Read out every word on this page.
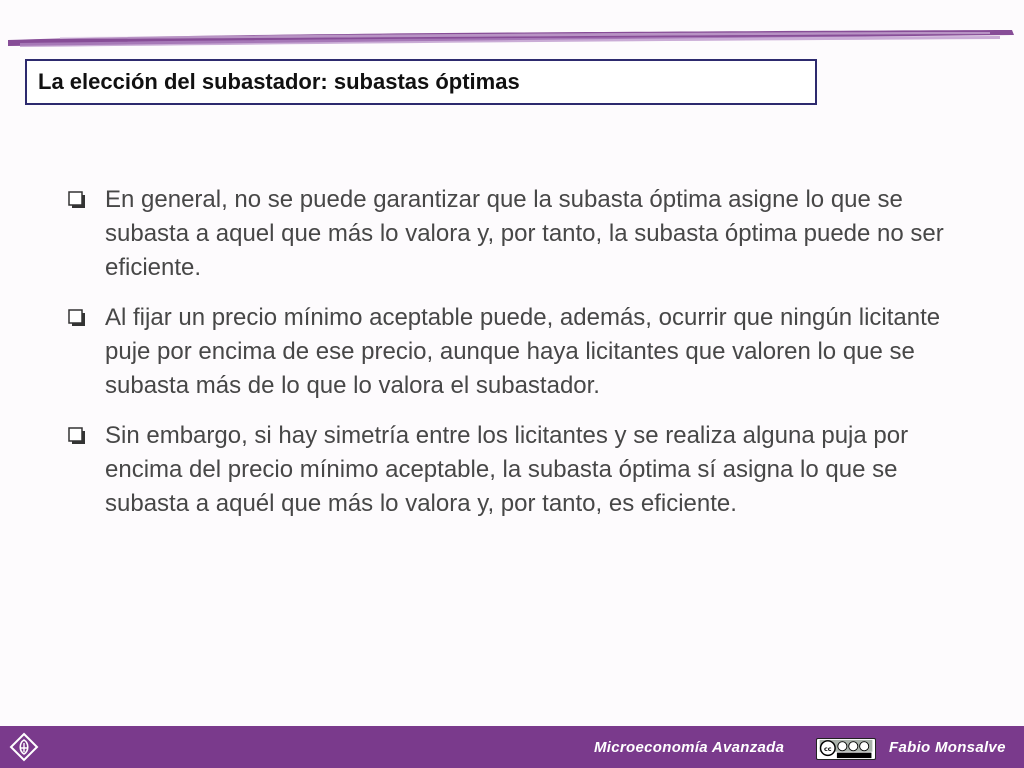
La elección del subastador: subastas óptimas
En general, no se puede garantizar que la subasta óptima asigne lo que se subasta a aquel que más lo valora y, por tanto, la subasta óptima puede no ser eficiente.
Al fijar un precio mínimo aceptable puede, además, ocurrir que ningún licitante puje por encima de ese precio, aunque haya licitantes que valoren lo que se subasta más de lo que lo valora el subastador.
Sin embargo, si hay simetría entre los licitantes y se realiza alguna puja por encima del precio mínimo aceptable, la subasta óptima sí asigna lo que se subasta a aquél que más lo valora y, por tanto, es eficiente.
Microeconomía Avanzada	cc	Fabio Monsalve
